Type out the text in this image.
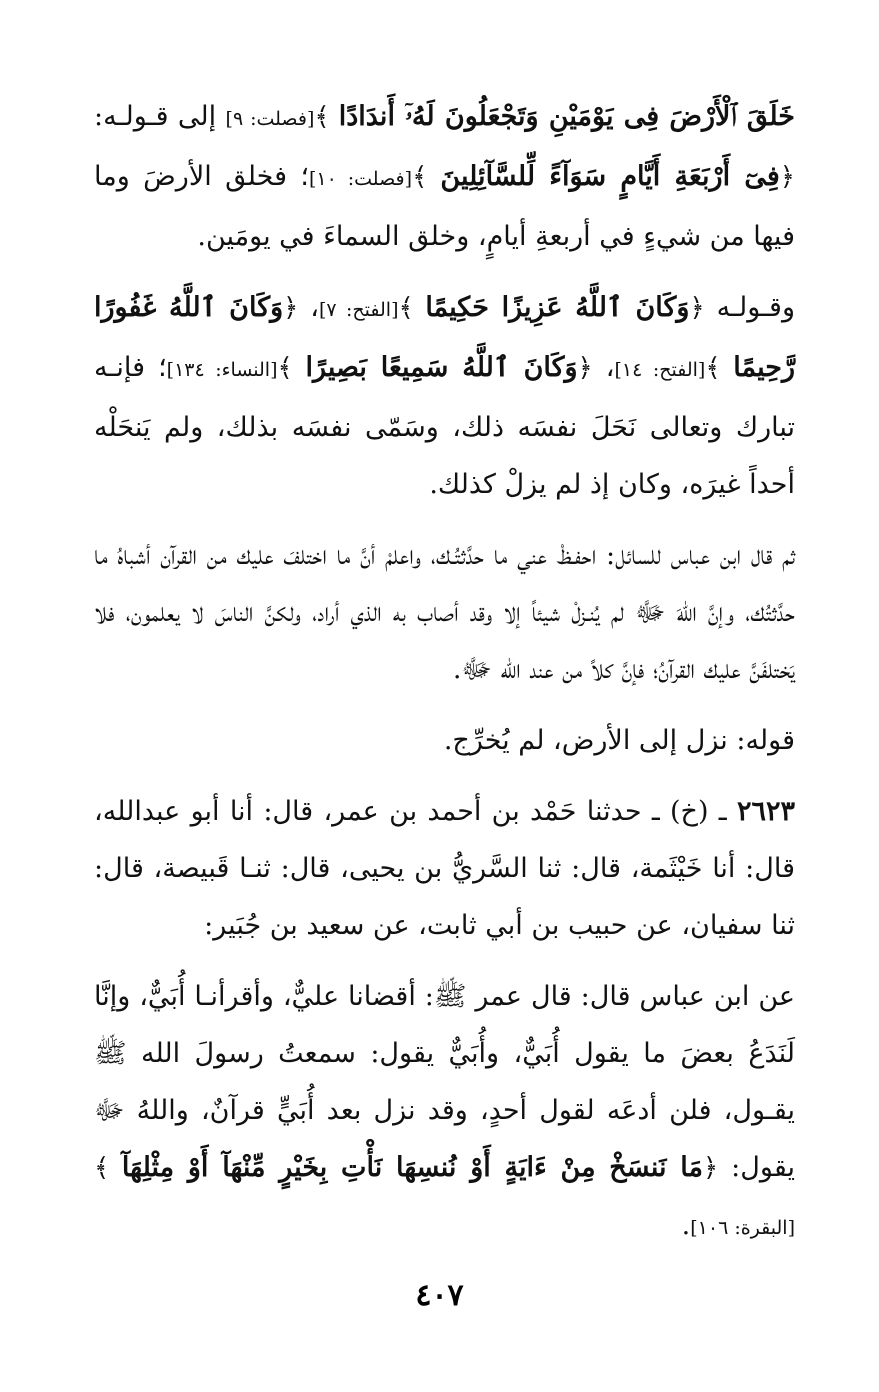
خَلَقَ ٱلْأَرْضَ فِى يَوْمَيْنِ وَتَجْعَلُونَ لَهُۥٓ أَندَادًا ﴾[فصلت: ٩] إلى قـولـه: ﴿فِىٓ أَرْبَعَةِ أَيَّامٍ سَوَآءً لِّلسَّآئِلِينَ ﴾[فصلت: ١٠]؛ فخلق الأرضَ وما فيها من شيءٍ في أربعةِ أيامٍ، وخلق السماءَ في يومَين.

وقـولـه ﴿وَكَانَ ٱللَّهُ عَزِيزًا حَكِيمًا ﴾[الفتح: ٧]، ﴿وَكَانَ ٱللَّهُ غَفُورًا رَّحِيمًا ﴾[الفتح: ١٤]، ﴿وَكَانَ ٱللَّهُ سَمِيعًا بَصِيرًا ﴾[النساء: ١٣٤]؛ فإنـه تبارك وتعالى نَحَلَ نفسَه ذلك، وسَمّى نفسَه بذلك، ولم يَنحَلْه أحداً غيرَه، وكان إذ لم يزلْ كذلك.

ثم قال ابن عباس للسائل: احفـظْ عني ما حدَّثتُـك، واعلمْ أنَّ ما اختلفَ عليك من القرآن أشباهُ ما حدَّثتُك، وإنَّ اللهَ ﷻ لم يُنـزلْ شيئاً إلا وقد أصاب به الذي أراد، ولكنَّ الناسَ لا يعلمون، فلا يَختلفَنَّ عليك القرآنُ؛ فإنَّ كلاً من عند الله ﷻ.

قوله: نزل إلى الأرض، لم يُخرِّج.

٢٦٢٣ ـ (خ) ـ حدثنا حَمْد بن أحمد بن عمر، قال: أنا أبو عبدالله، قال: أنا خَيْثَمة، قال: ثنا السَّريُّ بن يحيى، قال: ثنـا قَبيصة، قال: ثنا سفيان، عن حبيب بن أبي ثابت، عن سعيد بن جُبَير:

عن ابن عباس قال: قال عمر ﷺ: أقضانا عليٌّ، وأقرأنـا أُبَيٌّ، وإنَّا لَنَدَعُ بعضَ ما يقول أُبَيٌّ، وأُبَيٌّ يقول: سمعتُ رسولَ الله ﷺ يقـول، فلن أدعَه لقول أحدٍ، وقد نزل بعد أُبَيٍّ قرآنٌ، واللهُ ﷻ يقول: ﴿مَا نَنسَخْ مِنْ ءَايَةٍ أَوْ نُنسِهَا نَأْتِ بِخَيْرٍ مِّنْهَآ أَوْ مِثْلِهَآ ﴾[البقرة: ١٠٦].

٤٠٧
